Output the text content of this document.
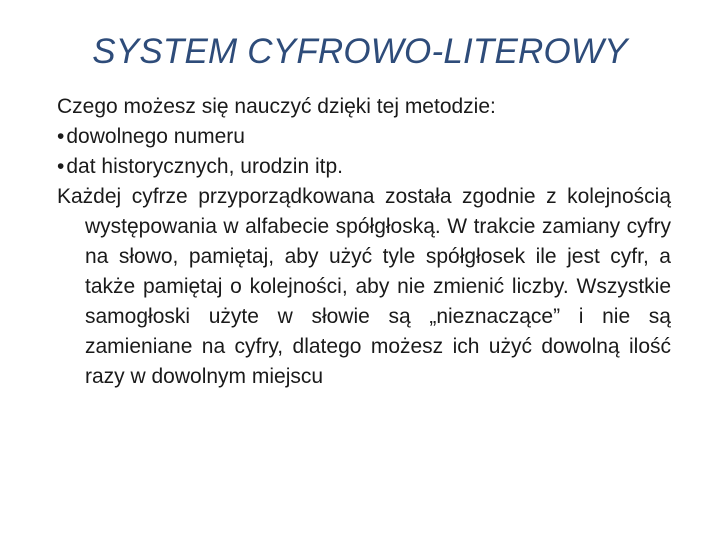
SYSTEM CYFROWO-LITEROWY

Czego możesz się nauczyć dzięki tej metodzie:

• dowolnego numeru

• dat historycznych, urodzin itp.

Każdej cyfrze przyporządkowana została zgodnie z kolejnością występowania w alfabecie spółgłoską. W trakcie zamiany cyfry na słowo, pamiętaj, aby użyć tyle spółgłosek ile jest cyfr, a także pamiętaj o kolejności, aby nie zmienić liczby. Wszystkie samogłoski użyte w słowie są „nieznaczące” i nie są zamieniane na cyfry, dlatego możesz ich użyć dowolną ilość razy w dowolnym miejscu
